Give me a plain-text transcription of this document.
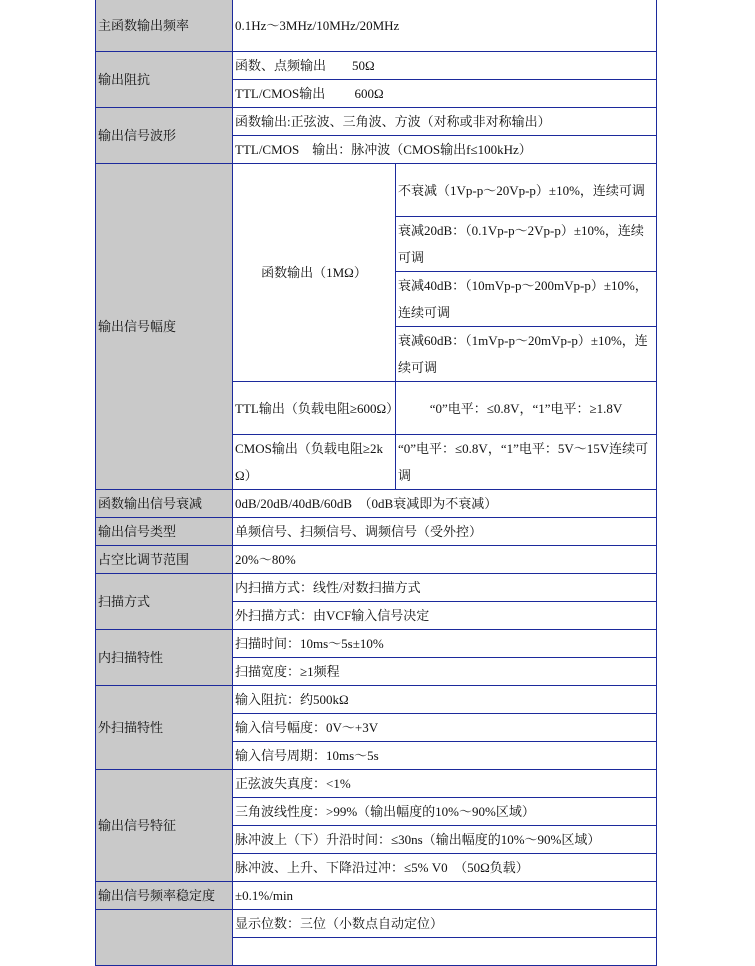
主函数输出频率	0.1Hz～3MHz/10MHz/20MHz	
输出阻抗	函数、点频输出　　50Ω	
	TTL/CMOS输出　　 600Ω	
输出信号波形	函数输出:正弦波、三角波、方波（对称或非对称输出）	
	TTL/CMOS　输出：脉冲波（CMOS输出f≤100kHz）	
输出信号幅度	函数输出（1MΩ）	不衰减（1Vp-p～20Vp-p）±10%，连续可调
		衰减20dB：（0.1Vp-p～2Vp-p）±10%，连续可调
		衰减40dB：（10mVp-p～200mVp-p）±10%，连续可调
		衰减60dB：（1mVp-p～20mVp-p）±10%，连续可调
	TTL输出（负载电阻≥600Ω）	“0”电平：≤0.8V，“1”电平：≥1.8V
	CMOS输出（负载电阻≥2kΩ）	“0”电平：≤0.8V，“1”电平：5V～15V连续可调
函数输出信号衰减	0dB/20dB/40dB/60dB　（0dB衰减即为不衰减）	
输出信号类型	单频信号、扫频信号、调频信号（受外控）	
占空比调节范围	20%～80%	
扫描方式	内扫描方式：线性/对数扫描方式	
	外扫描方式：由VCF输入信号决定	
内扫描特性	扫描时间：10ms～5s±10%	
	扫描宽度：≥1频程	
外扫描特性	输入阻抗：约500kΩ	
	输入信号幅度：0V～+3V	
	输入信号周期：10ms～5s	
输出信号特征	正弦波失真度：<1%	
	三角波线性度：>99%（输出幅度的10%～90%区域）	
	脉冲波上（下）升沿时间：≤30ns（输出幅度的10%～90%区域）	
	脉冲波、上升、下降沿过冲：≤5% V0　（50Ω负载）	
输出信号频率稳定度	±0.1%/min	
	显示位数：三位（小数点自动定位）	
